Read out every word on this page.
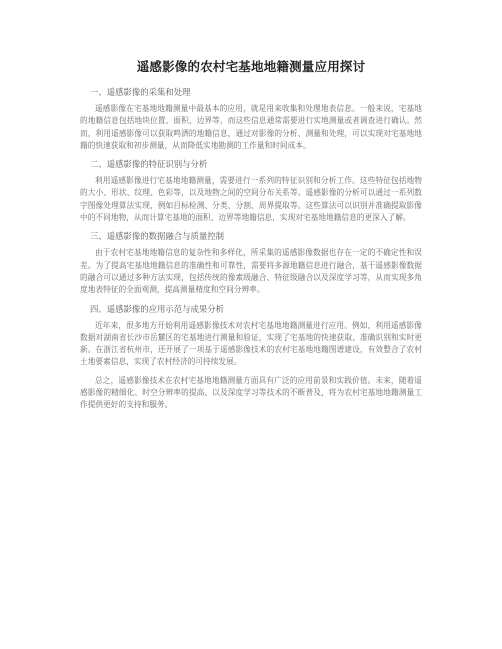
遥感影像的农村宅基地地籍测量应用探讨
一、遥感影像的采集和处理

遥感影像在宅基地地籍测量中最基本的应用，就是用来收集和处理地表信息。一般来说，宅基地的地籍信息包括地块位置、面积、边界等，而这些信息通常需要进行实地测量或者调查进行确认。然而，利用遥感影像可以获取鸣洒的地籍信息，通过对影像的分析、测量和处理，可以实现对宅基地地籍的快速获取和初步测量，从而降低实地勘测的工作量和时间成本。

二、遥感影像的特征识别与分析

利用遥感影像进行宅基地地籍测量，需要进行一系列的特征识别和分析工作。这些特征包括地物的大小、形状、纹理、色彩等，以及地物之间的空间分布关系等。遥感影像的分析可以通过一系列数字图像处理算法实现，例如目标检测、分类、分割、周界提取等。这些算法可以识别并准确提取影像中的不同地物，从而计算宅基地的面积、边界等地籍信息，实现对宅基地地籍信息的更深入了解。

三、遥感影像的数据融合与质量控制

由于农村宅基地地籍信息的复杂性和多样化，所采集的遥感影像数据也存在一定的不确定性和误差。为了提高宅基地地籍信息的准确性和可靠性，需要将多源地籍信息进行融合，基于遥感影像数据的融合可以通过多种方法实现，包括传统的像素级融合、特征级融合以及深度学习等，从而实现多角度地表特征的全面观测，提高测量精度和空间分辨率。

四、遥感影像的应用示范与成果分析

近年来，很多地方开始利用遥感影像技术对农村宅基地地籍测量进行应用。例如，利用遥感影像数据对湖南省长沙市岳麓区的宅基地进行测量和验证，实现了宅基地的快速获取、准确识别和实时更新。在浙江省杭州市，还开展了一项基于遥感影像技术的农村宅基地地籍图谱建设，有效整合了农村土地要素信息，实现了农村经济的可持续发展。

总之，遥感影像技术在农村宅基地地籍测量方面具有广泛的应用前景和实践价值。未来，随着遥感影像的精细化、时空分辨率的提高、以及深度学习等技术的不断普及，将为农村宅基地地籍测量工作提供更好的支持和服务。
